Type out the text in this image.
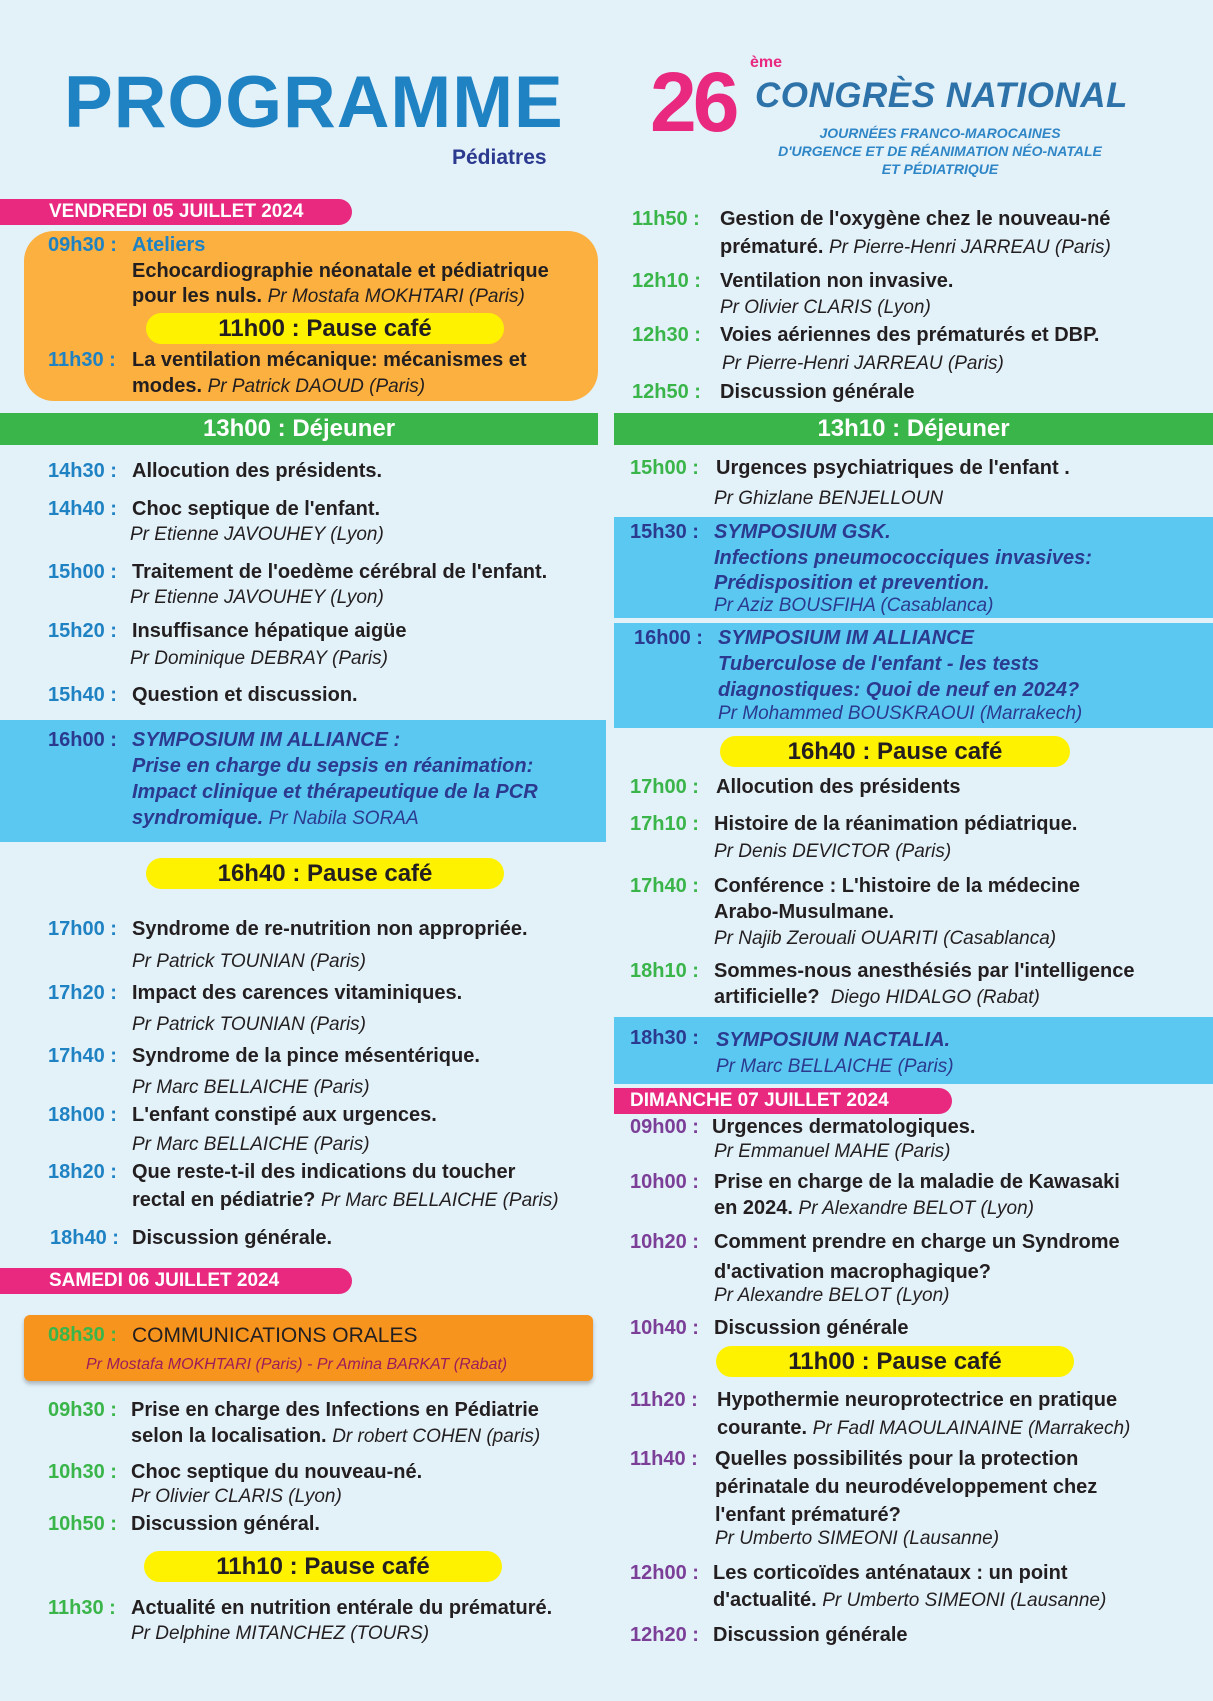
PROGRAMME
Pédiatres
26 ème
CONGRÈS NATIONAL
JOURNÉES FRANCO-MAROCAINES
D'URGENCE ET DE RÉANIMATION NÉO-NATALE
ET PÉDIATRIQUE
VENDREDI 05 JUILLET 2024
09h30 : Ateliers
Echocardiographie néonatale et pédiatrique
pour les nuls. Pr Mostafa MOKHTARI (Paris)
11h00 : Pause café
11h30 : La ventilation mécanique: mécanismes et
modes. Pr Patrick DAOUD (Paris)
13h00 : Déjeuner
14h30 : Allocution des présidents.
14h40 : Choc septique de l'enfant.
Pr Etienne JAVOUHEY (Lyon)
15h00 : Traitement de l'oedème cérébral de l'enfant.
Pr Etienne JAVOUHEY (Lyon)
15h20 : Insuffisance hépatique aigüe
Pr Dominique DEBRAY (Paris)
15h40 : Question et discussion.
16h00 : SYMPOSIUM IM ALLIANCE :
Prise en charge du sepsis en réanimation:
Impact clinique et thérapeutique de la PCR
syndromique. Pr Nabila SORAA
16h40 : Pause café
17h00 : Syndrome de re-nutrition non appropriée.
Pr Patrick TOUNIAN (Paris)
17h20 : Impact des carences vitaminiques.
Pr Patrick TOUNIAN (Paris)
17h40 : Syndrome de la pince mésentérique.
Pr Marc BELLAICHE (Paris)
18h00 : L'enfant constipé aux urgences.
Pr Marc BELLAICHE (Paris)
18h20 : Que reste-t-il des indications du toucher
rectal en pédiatrie? Pr Marc BELLAICHE (Paris)
18h40 : Discussion générale.
SAMEDI 06 JUILLET 2024
08h30 : COMMUNICATIONS ORALES
Pr Mostafa MOKHTARI (Paris) - Pr Amina BARKAT (Rabat)
09h30 : Prise en charge des Infections en Pédiatrie
selon la localisation. Dr robert COHEN (paris)
10h30 : Choc septique du nouveau-né.
Pr Olivier CLARIS (Lyon)
10h50 : Discussion général.
11h10 : Pause café
11h30 : Actualité en nutrition entérale du prématuré.
Pr Delphine MITANCHEZ (TOURS)
11h50 : Gestion de l'oxygène chez le nouveau-né
prématuré. Pr Pierre-Henri JARREAU (Paris)
12h10 : Ventilation non invasive.
Pr Olivier CLARIS (Lyon)
12h30 : Voies aériennes des prématurés et DBP.
Pr Pierre-Henri JARREAU (Paris)
12h50 : Discussion générale
13h10 : Déjeuner
15h00 : Urgences psychiatriques de l'enfant .
Pr Ghizlane BENJELLOUN
15h30 : SYMPOSIUM GSK.
Infections pneumococciques invasives:
Prédisposition et prevention.
Pr Aziz BOUSFIHA (Casablanca)
16h00 : SYMPOSIUM IM ALLIANCE
Tuberculose de l'enfant - les tests
diagnostiques: Quoi de neuf en 2024?
Pr Mohammed BOUSKRAOUI (Marrakech)
16h40 : Pause café
17h00 : Allocution des présidents
17h10 : Histoire de la réanimation pédiatrique.
Pr Denis DEVICTOR (Paris)
17h40 : Conférence : L'histoire de la médecine
Arabo-Musulmane.
Pr Najib Zerouali OUARITI (Casablanca)
18h10 : Sommes-nous anesthésiés par l'intelligence
artificielle? Diego HIDALGO (Rabat)
18h30 : SYMPOSIUM NACTALIA.
Pr Marc BELLAICHE (Paris)
DIMANCHE 07 JUILLET 2024
09h00 : Urgences dermatologiques.
Pr Emmanuel MAHE (Paris)
10h00 : Prise en charge de la maladie de Kawasaki
en 2024. Pr Alexandre BELOT (Lyon)
10h20 : Comment prendre en charge un Syndrome
d'activation macrophagique?
Pr Alexandre BELOT (Lyon)
10h40 : Discussion générale
11h00 : Pause café
11h20 : Hypothermie neuroprotectrice en pratique
courante. Pr Fadl MAOULAINAINE (Marrakech)
11h40 : Quelles possibilités pour la protection
périnatale du neurodéveloppement chez
l'enfant prématuré?
Pr Umberto SIMEONI (Lausanne)
12h00 : Les corticoïdes anténataux : un point
d'actualité. Pr Umberto SIMEONI (Lausanne)
12h20 : Discussion générale
